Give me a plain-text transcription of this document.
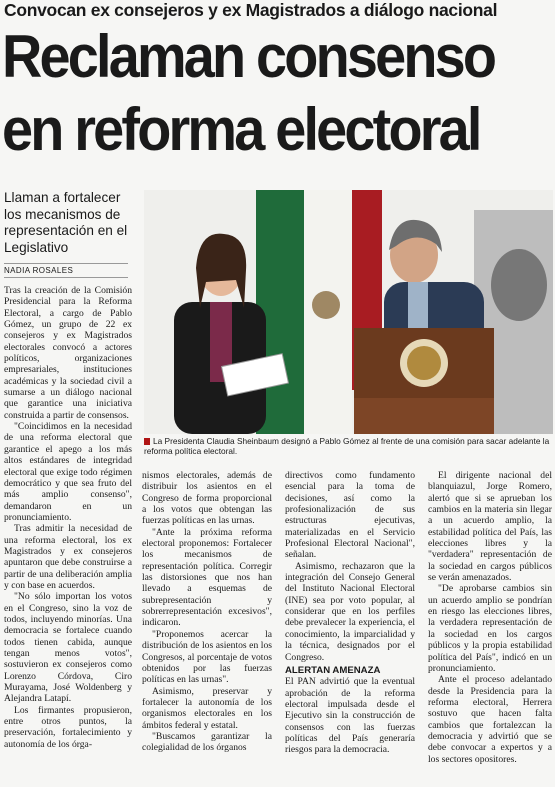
Convocan ex consejeros y ex Magistrados a diálogo nacional
Reclaman consenso
en reforma electoral
Llaman a fortalecer los mecanismos de representación en el Legislativo
NADIA ROSALES

Tras la creación de la Comisión Presidencial para la Reforma Electoral, a cargo de Pablo Gómez, un grupo de 22 ex consejeros y ex Magistrados electorales convocó a actores políticos, organizaciones empresariales, instituciones académicas y la sociedad civil a sumarse a un diálogo nacional que garantice una iniciativa construida a partir de consensos.

"Coincidimos en la necesidad de una reforma electoral que garantice el apego a los más altos estándares de integridad electoral que exige todo régimen democrático y que sea fruto del más amplio consenso", demandaron en un pronunciamiento.

Tras admitir la necesidad de una reforma electoral, los ex Magistrados y ex consejeros apuntaron que debe construirse a partir de una deliberación amplia y con base en acuerdos.

"No sólo importan los votos en el Congreso, sino la voz de todos, incluyendo minorías. Una democracia se fortalece cuando todos tienen cabida, aunque tengan menos votos", sostuvieron ex consejeros como Lorenzo Córdova, Ciro Murayama, José Woldenberg y Alejandra Latapí.

Los firmantes propusieron, entre otros puntos, la preservación, fortalecimiento y autonomía de los órga-

La Presidenta Claudia Sheinbaum designó a Pablo Gómez al frente de una comisión para sacar adelante la reforma política electoral.

nismos electorales, además de distribuir los asientos en el Congreso de forma proporcional a los votos que obtengan las fuerzas políticas en las urnas.

"Ante la próxima reforma electoral proponemos: Fortalecer los mecanismos de representación política. Corregir las distorsiones que nos han llevado a esquemas de subrepresentación y sobrerrepresentación excesivos", indicaron.

"Proponemos acercar la distribución de los asientos en los Congresos, al porcentaje de votos obtenidos por las fuerzas políticas en las urnas".

Asimismo, preservar y fortalecer la autonomía de los organismos electorales en los ámbitos federal y estatal.

"Buscamos garantizar la colegialidad de los órganos

directivos como fundamento esencial para la toma de decisiones, así como la profesionalización de sus estructuras ejecutivas, materializadas en el Servicio Profesional Electoral Nacional", señalan.

Asimismo, rechazaron que la integración del Consejo General del Instituto Nacional Electoral (INE) sea por voto popular, al considerar que en los perfiles debe prevalecer la experiencia, el conocimiento, la imparcialidad y la técnica, designados por el Congreso.

ALERTAN AMENAZA

El PAN advirtió que la eventual aprobación de la reforma electoral impulsada desde el Ejecutivo sin la construcción de consensos con las fuerzas políticas del País generaría riesgos para la democracia.

El dirigente nacional del blanquiazul, Jorge Romero, alertó que si se aprueban los cambios en la materia sin llegar a un acuerdo amplio, la estabilidad política del País, las elecciones libres y la "verdadera" representación de la sociedad en cargos públicos se verán amenazados.

"De aprobarse cambios sin un acuerdo amplio se pondrían en riesgo las elecciones libres, la verdadera representación de la sociedad en los cargos públicos y la propia estabilidad política del País", indicó en un pronunciamiento.

Ante el proceso adelantado desde la Presidencia para la reforma electoral, Herrera sostuvo que hacen falta cambios que fortalezcan la democracia y advirtió que se debe convocar a expertos y a los sectores opositores.
